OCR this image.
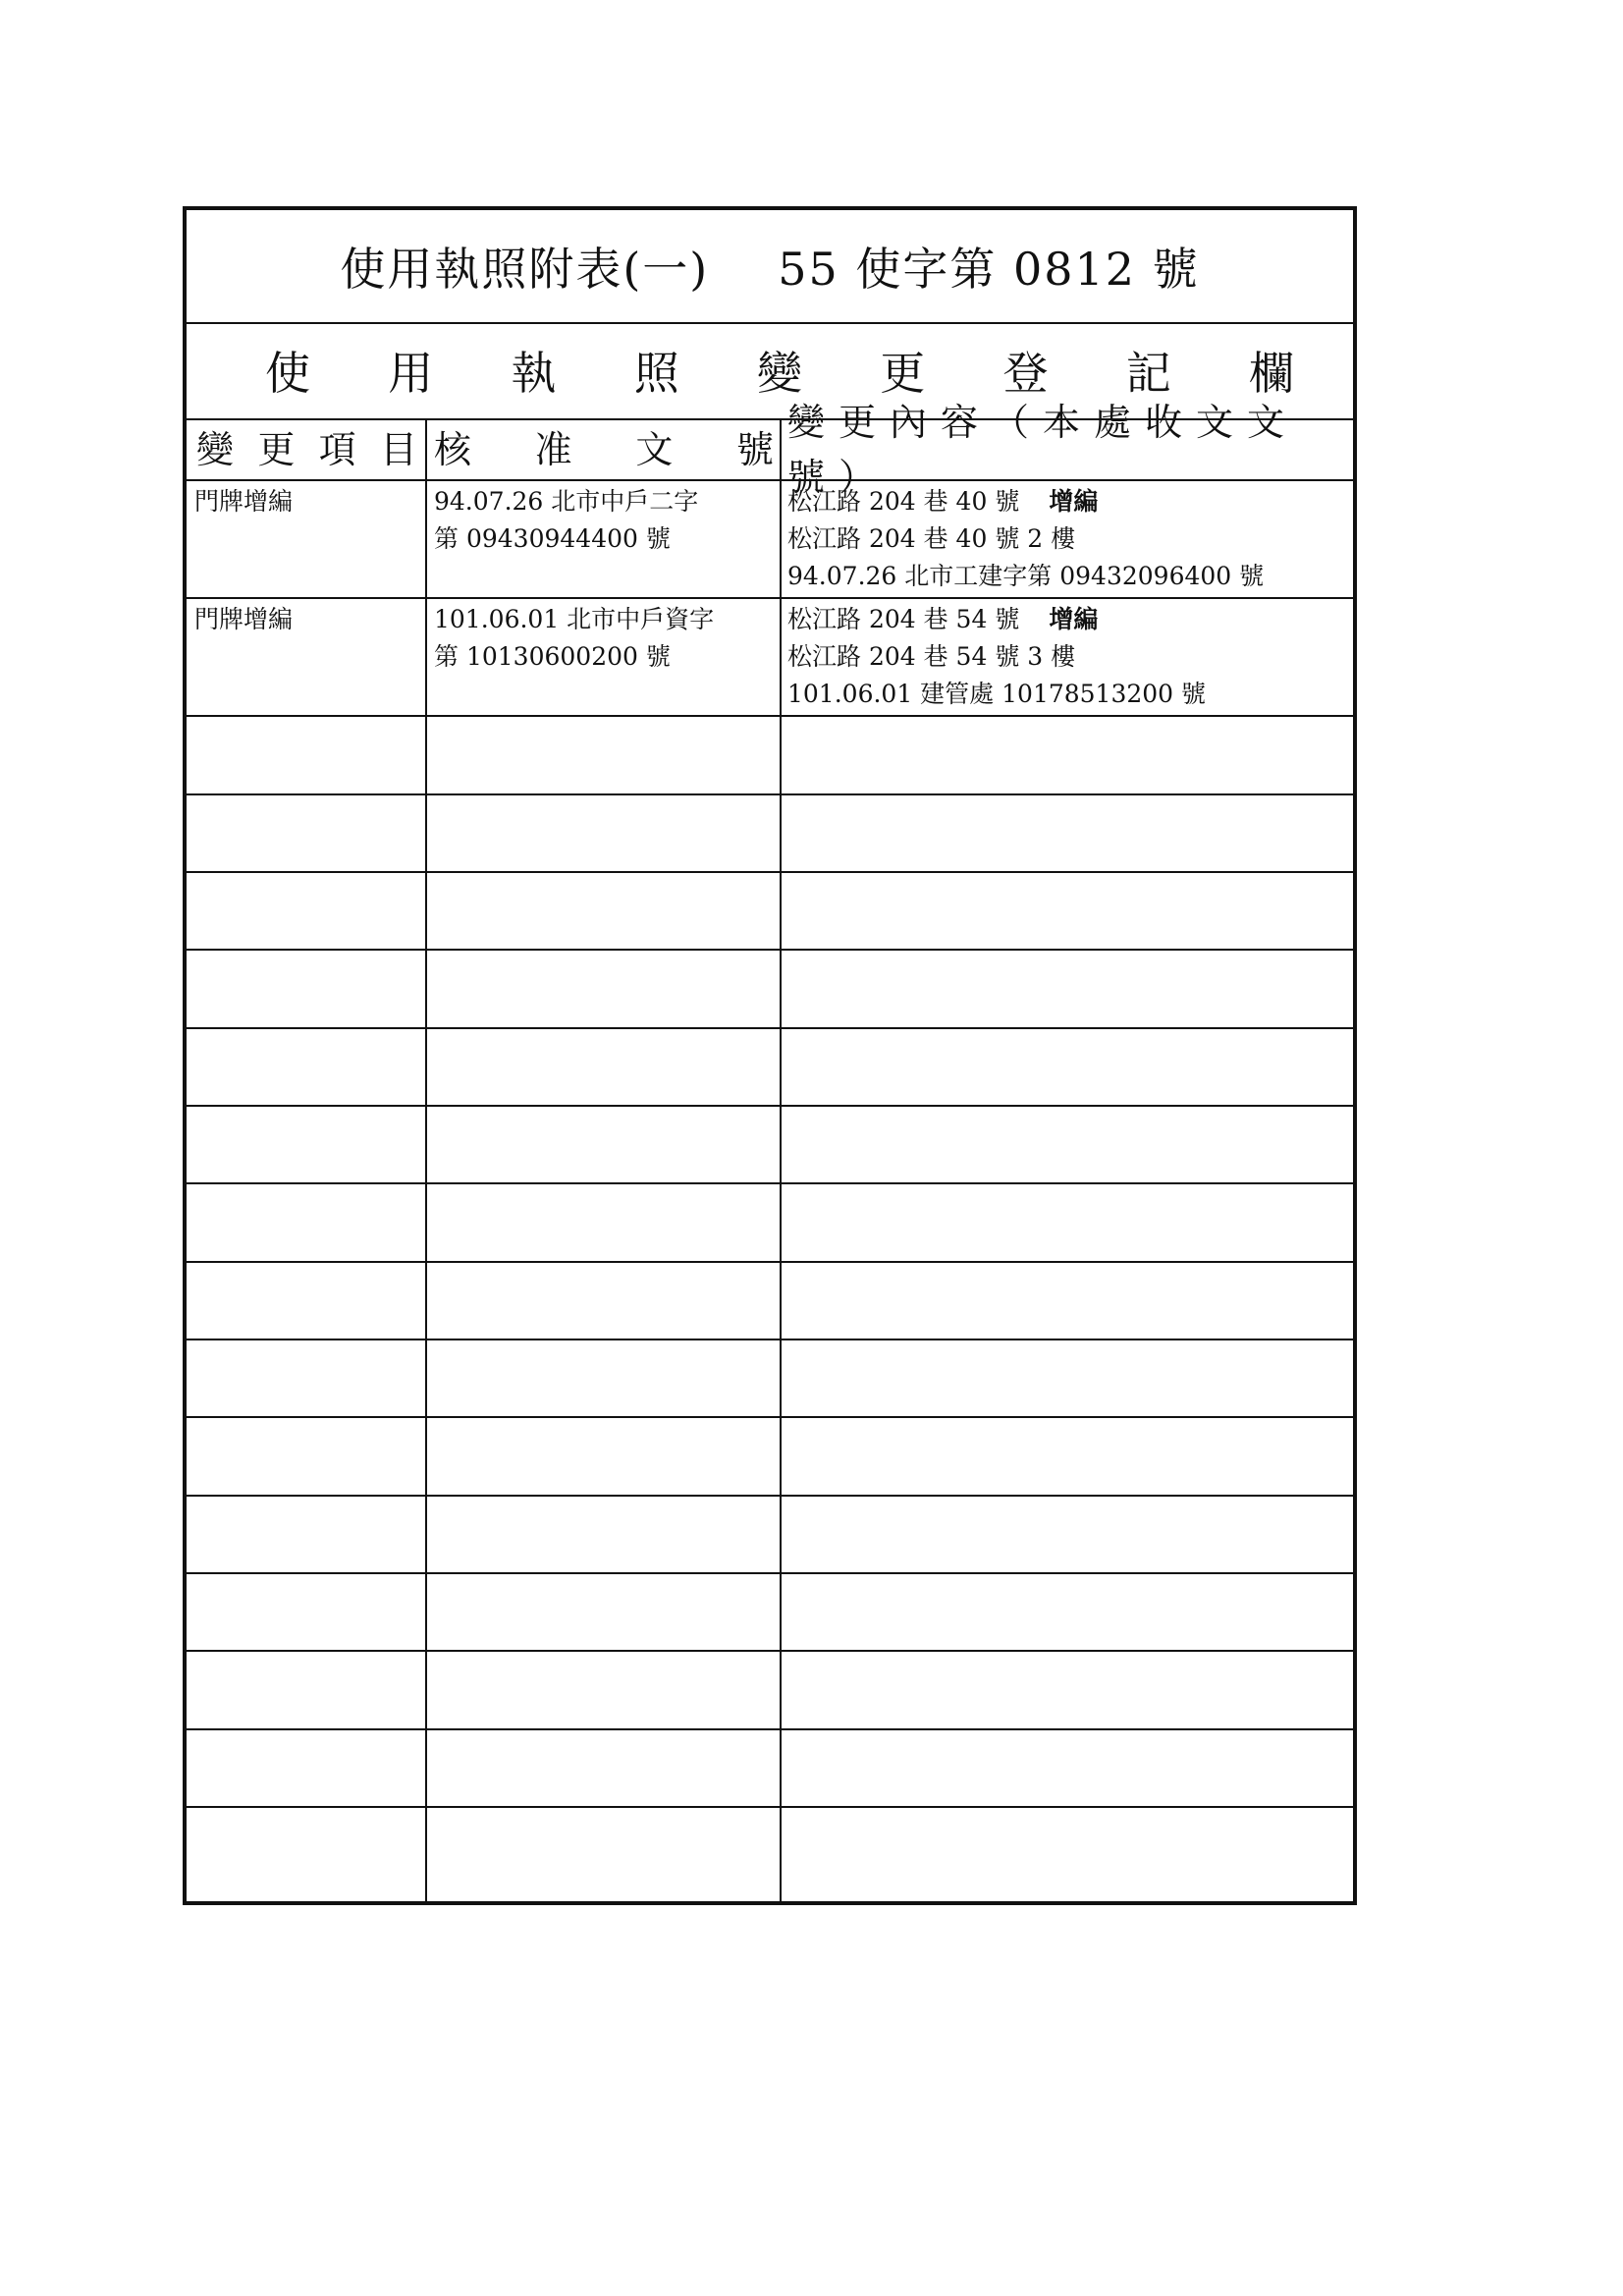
使用執照附表(一) 55 使字第 0812 號
使 用 執 照 變 更 登 記 欄
變 更 項 目 核 准 文 號
變更內容（本處收文文號）
門牌增編	94.07.26 北市中戶二字
第 09430944400 號
松江路 204 巷 40 號 增編
松江路 204 巷 40 號 2 樓
94.07.26 北市工建字第 09432096400 號
門牌增編	101.06.01 北市中戶資字
第 10130600200 號
松江路 204 巷 54 號 增編
松江路 204 巷 54 號 3 樓
101.06.01 建管處 10178513200 號
